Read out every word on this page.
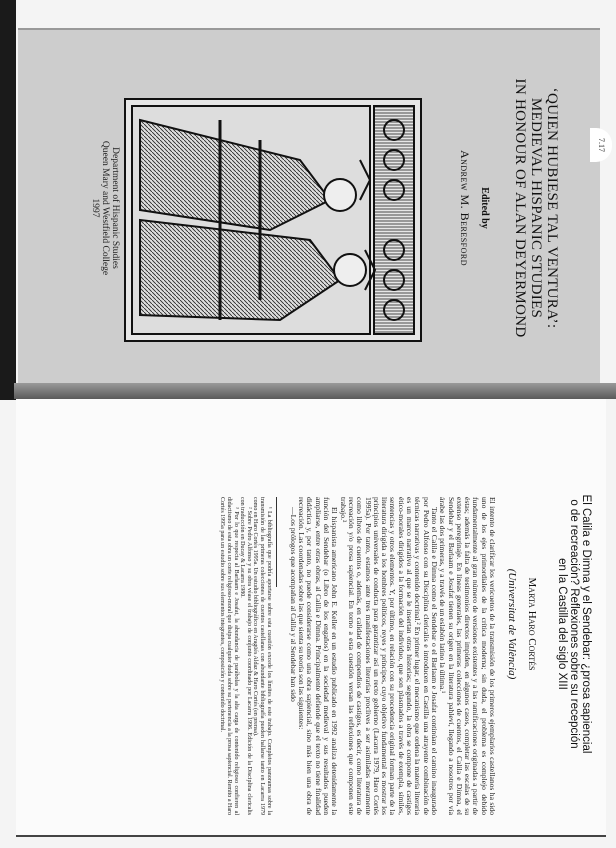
‘QUIEN HUBIESE TAL VENTURA’:
MEDIEVAL HISPANIC STUDIES
IN HONOUR OF ALAN DEYERMOND
Edited by
Andrew M. Beresford
Department of Hispanic Studies
Queen Mary and Westfield College
1997
7.17
El Calila e Dimna y el Sendebar: ¿prosa sapiencial
o de recreación? Reflexiones sobre su recepción
en la Castilla del siglo XIII
Marta Haro Cortés
(Universitat de València)

El intento de clarificar los vericuetos de la transmisión de los primeros ejemplarios castellanos ha sido uno de los ejes primordiales de la crítica moderna; sin duda, el problema es complejo debido fundamentalmente al gran número de versiones existentes y a las ramificaciones originadas a partir de éstas; además la falta de testimonios directos impiden, en algunos casos, completar las escalas de su extenso peregrinaje. En líneas generales, las primeras colecciones de cuentos, el Calila e Dimna, el Sendebar y el Barlaam e Josafat tienen su origen en la literatura pahleví, llegando a nosotros por vía árabe las dos primeras, y a través de un eslabón latino la última.¹

Tanto el Calila e Dimna como el Sendebar o el Barlaam e Josafat continúan el camino inaugurado por Pedro Alfonso con su Disciplina clericalis e introducen en Castilla una atrayente combinación de técnicas narrativas y contenido doctrinal.² En primer lugar, el mecanismo que ordena la materia literaria es un marco narrativo al que se le insertan otras historias; segundo, la obra se compone de castigos ético-morales dirigidos a la formación del individuo, que son plasmados a través de exempla, símiles, sentencias y otros elementos. Y, por último, en relación con su procedencia original forman parte de la literatura dirigida a los hombres políticos, reyes y príncipes, cuyo objetivo fundamental es mostrar los principios universales de conducta para garantizar así un recto gobierno (Lacarra 1979, Haro Cortés 1995a). Por tanto, estamos ante tres manifestaciones literarias proclives a ser asimiladas meramente como libros de cuentos o, además, en calidad de compendios de castigos, es decir, como literatura de recreación y/o prosa sapiencial. En torno a esta cuestión versan las reflexiones que componen este trabajo.³

El hispanista americano John E. Keller en un estudio publicado en 1992 analiza detenidamente la función del Sendebar (o Libro de los engaños) en la sociedad medieval y sus resultados pueden ampliarse, entre otras obras, al Calila e Dimna. Principalmente defiende que el texto no tiene finalidad didáctica y, por tanto, no puede considerarse como una obra sapiencial, sino más bien una obra de recreación. Las coordenadas sobre las que sienta su teoría son las siguientes:

—Los prólogos que acompañan al Calila y al Sendebar han sido

¹ La bibliografía que podría aportarse sobre esta cuestión excede los límites de este trabajo. Completos panoramas sobre la transmisión de las primeras colecciones de cuentos castellanas con abundante bibliografía pueden hallarse tanto en Lacarra 1979 como en Haro Cortés 1995a. Un estudio bibliográfico en Aragüés Aldaz & Haro Cortés (en prensa).

² Sobre Pedro Alfonso y su obra véase el trabajo de conjunto coordinado por Lacarra 1996. Edición de la Disciplina clericalis con traducción en Ducay & Lacarra 1980.

³ Por lo que respecta al Barlaam e Josafat, la abundancia de parábolas y la alta carga de contenido religioso confieren al didactismo de esta obra un corte religioso-moral que disipa cualquier duda sobre su pertenencia a la prosa sapiencial. Remito a Haro Cortés 1995a para un estudio sobre sus elementos integrantes, composición y contenido doctrinal.
